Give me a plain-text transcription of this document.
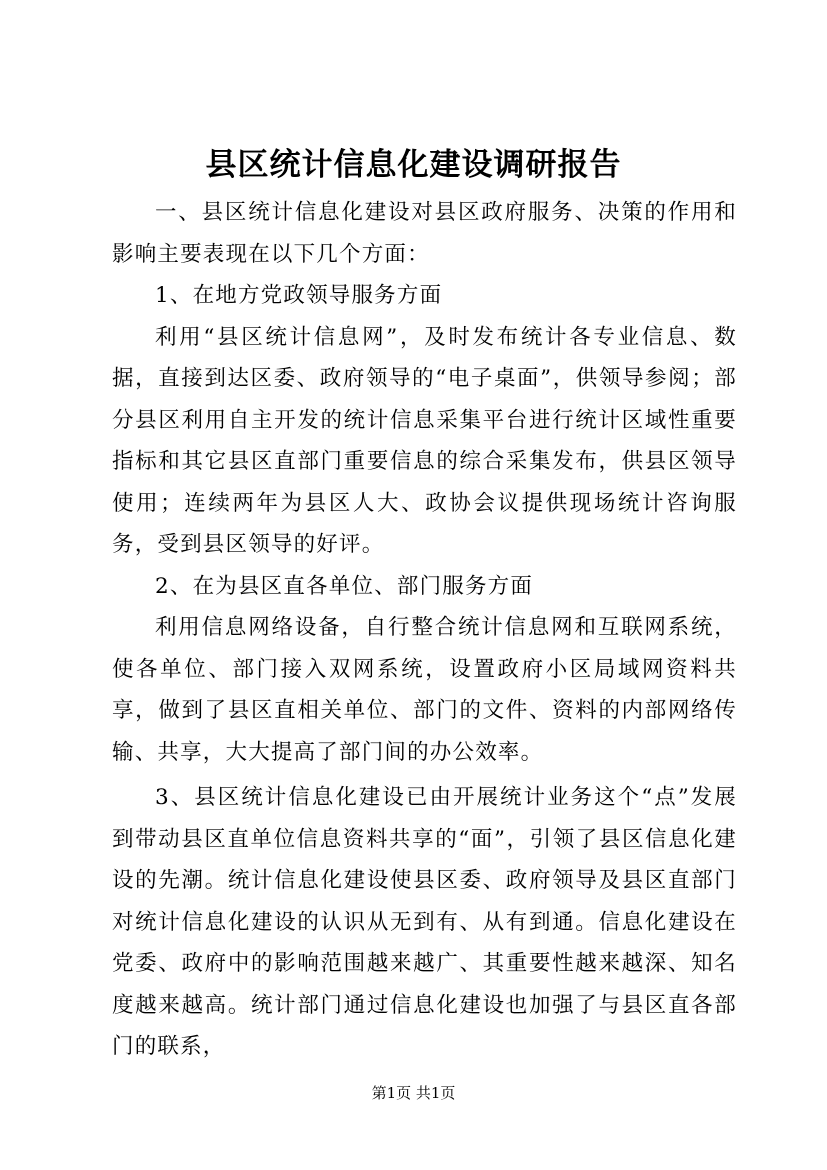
县区统计信息化建设调研报告

一、县区统计信息化建设对县区政府服务、决策的作用和影响主要表现在以下几个方面：

1、在地方党政领导服务方面

利用“县区统计信息网”，及时发布统计各专业信息、数据，直接到达区委、政府领导的“电子桌面”，供领导参阅；部分县区利用自主开发的统计信息采集平台进行统计区域性重要指标和其它县区直部门重要信息的综合采集发布，供县区领导使用；连续两年为县区人大、政协会议提供现场统计咨询服务，受到县区领导的好评。

2、在为县区直各单位、部门服务方面

利用信息网络设备，自行整合统计信息网和互联网系统，使各单位、部门接入双网系统，设置政府小区局域网资料共享，做到了县区直相关单位、部门的文件、资料的内部网络传输、共享，大大提高了部门间的办公效率。

3、县区统计信息化建设已由开展统计业务这个“点”发展到带动县区直单位信息资料共享的“面”，引领了县区信息化建设的先潮。统计信息化建设使县区委、政府领导及县区直部门对统计信息化建设的认识从无到有、从有到通。信息化建设在党委、政府中的影响范围越来越广、其重要性越来越深、知名度越来越高。统计部门通过信息化建设也加强了与县区直各部门的联系，

第1页 共1页
